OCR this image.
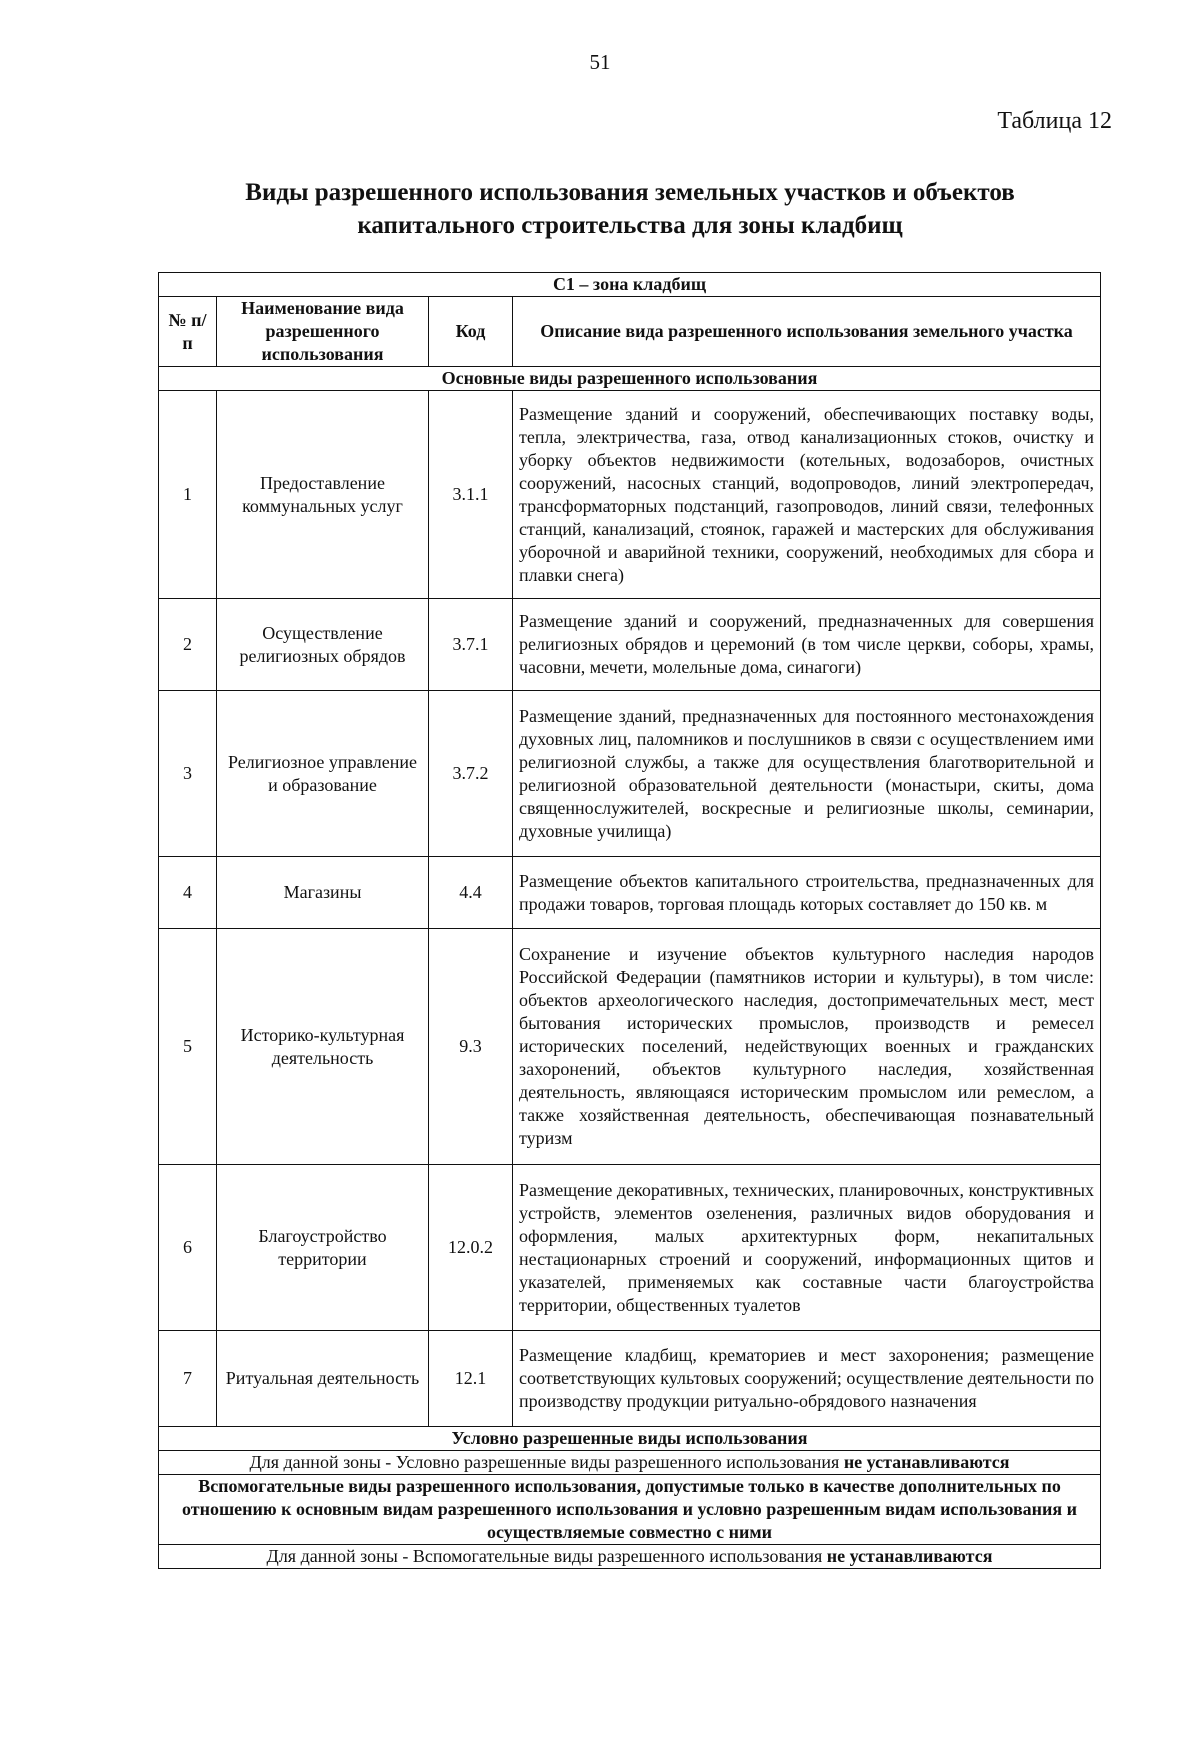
51
Таблица 12
Виды разрешенного использования земельных участков и объектов
капитального строительства для зоны кладбищ
С1 – зона кладбищ			
№ п/п	Наименование вида разрешенного использования	Код	Описание вида разрешенного использования земельного участка
Основные виды разрешенного использования			
1	Предоставление коммунальных услуг	3.1.1	Размещение зданий и сооружений, обеспечивающих поставку воды, тепла, электричества, газа, отвод канализационных стоков, очистку и уборку объектов недвижимости (котельных, водозаборов, очистных сооружений, насосных станций, водопроводов, линий электропередач, трансформаторных подстанций, газопроводов, линий связи, телефонных станций, канализаций, стоянок, гаражей и мастерских для обслуживания уборочной и аварийной техники, сооружений, необходимых для сбора и плавки снега)
2	Осуществление религиозных обрядов	3.7.1	Размещение зданий и сооружений, предназначенных для совершения религиозных обрядов и церемоний (в том числе церкви, соборы, храмы, часовни, мечети, молельные дома, синагоги)
3	Религиозное управление и образование	3.7.2	Размещение зданий, предназначенных для постоянного местонахождения духовных лиц, паломников и послушников в связи с осуществлением ими религиозной службы, а также для осуществления благотворительной и религиозной образовательной деятельности (монастыри, скиты, дома священнослужителей, воскресные и религиозные школы, семинарии, духовные училища)
4	Магазины	4.4	Размещение объектов капитального строительства, предназначенных для продажи товаров, торговая площадь которых составляет до 150 кв. м
5	Историко-культурная деятельность	9.3	Сохранение и изучение объектов культурного наследия народов Российской Федерации (памятников истории и культуры), в том числе: объектов археологического наследия, достопримечательных мест, мест бытования исторических промыслов, производств и ремесел исторических поселений, недействующих военных и гражданских захоронений, объектов культурного наследия, хозяйственная деятельность, являющаяся историческим промыслом или ремеслом, а также хозяйственная деятельность, обеспечивающая познавательный туризм
6	Благоустройство территории	12.0.2	Размещение декоративных, технических, планировочных, конструктивных устройств, элементов озеленения, различных видов оборудования и оформления, малых архитектурных форм, некапитальных нестационарных строений и сооружений, информационных щитов и указателей, применяемых как составные части благоустройства территории, общественных туалетов
7	Ритуальная деятельность	12.1	Размещение кладбищ, крематориев и мест захоронения; размещение соответствующих культовых сооружений; осуществление деятельности по производству продукции ритуально-обрядового назначения
Условно разрешенные виды использования			
Для данной зоны - Условно разрешенные виды разрешенного использования не устанавливаются			
Вспомогательные виды разрешенного использования, допустимые только в качестве дополнительных по отношению к основным видам разрешенного использования и условно разрешенным видам использования и осуществляемые совместно с ними			
Для данной зоны - Вспомогательные виды разрешенного использования не устанавливаются			
